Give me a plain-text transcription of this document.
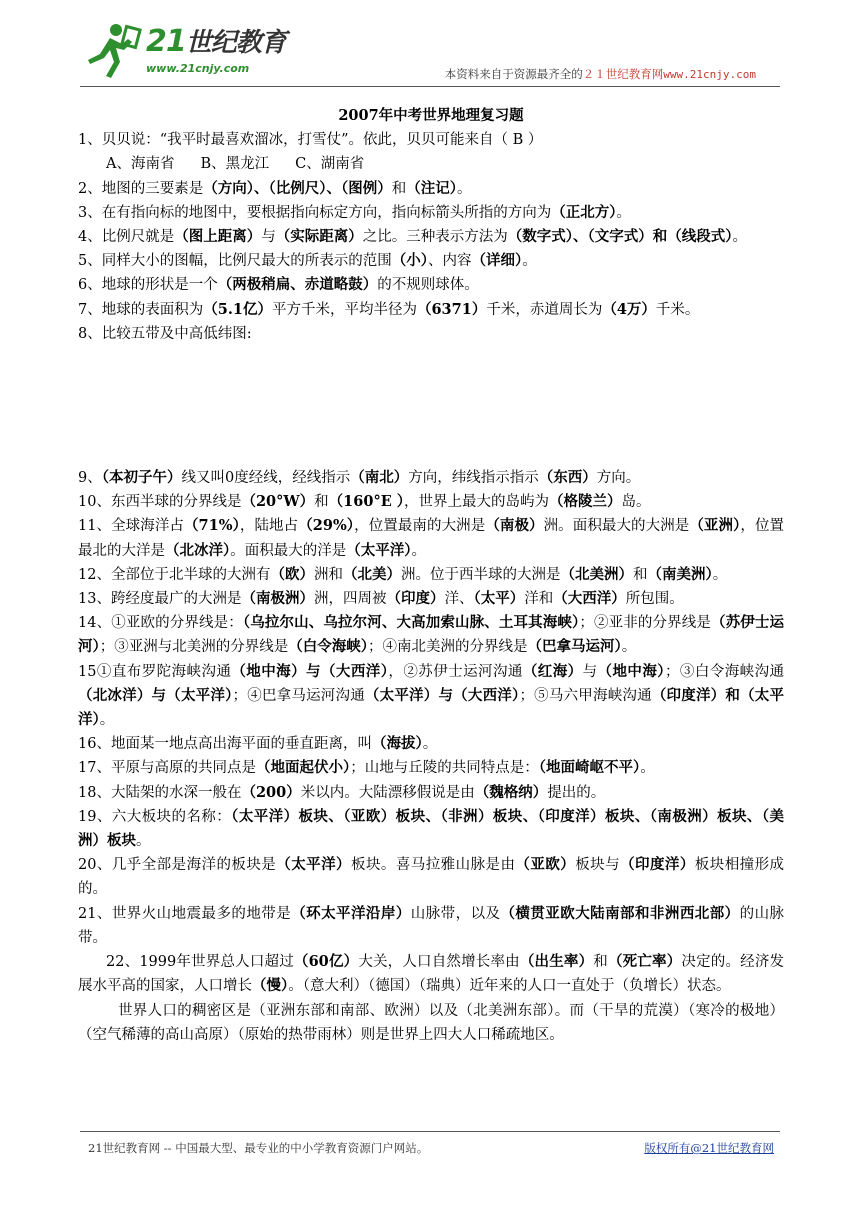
21世纪教育
www.21cnjy.com	本资料来自于资源最齐全的２１世纪教育网www.21cnjy.com
2007年中考世界地理复习题

1、贝贝说：“我平时最喜欢溜冰，打雪仗”。依此，贝贝可能来自（ B ）

A、海南省 B、黑龙江 C、湖南省

2、地图的三要素是（方向）、（比例尺）、（图例）和（注记）。

3、在有指向标的地图中，要根据指向标定方向，指向标箭头所指的方向为（正北方）。

4、比例尺就是（图上距离）与（实际距离）之比。三种表示方法为（数字式）、（文字式）和（线段式）。

5、同样大小的图幅，比例尺最大的所表示的范围（小）、内容（详细）。

6、地球的形状是一个（两极稍扁、赤道略鼓）的不规则球体。

7、地球的表面积为（5.1亿）平方千米，平均半径为（6371）千米，赤道周长为（4万）千米。

8、比较五带及中高低纬图:

9、（本初子午）线又叫0度经线，经线指示（南北）方向，纬线指示指示（东西）方向。

10、东西半球的分界线是（20°W）和（160°E ），世界上最大的岛屿为（格陵兰）岛。

11、全球海洋占（71%），陆地占（29%），位置最南的大洲是（南极）洲。面积最大的大洲是（亚洲），位置最北的大洋是（北冰洋）。面积最大的洋是（太平洋）。

12、全部位于北半球的大洲有（欧）洲和（北美）洲。位于西半球的大洲是（北美洲）和（南美洲）。

13、跨经度最广的大洲是（南极洲）洲，四周被（印度）洋、（太平）洋和（大西洋）所包围。

14、①亚欧的分界线是：（乌拉尔山、乌拉尔河、大高加索山脉、土耳其海峡）；②亚非的分界线是（苏伊士运河）；③亚洲与北美洲的分界线是（白令海峡）；④南北美洲的分界线是（巴拿马运河）。

15①直布罗陀海峡沟通（地中海）与（大西洋），②苏伊士运河沟通（红海）与（地中海）；③白令海峡沟通（北冰洋）与（太平洋）；④巴拿马运河沟通（太平洋）与（大西洋）；⑤马六甲海峡沟通（印度洋）和（太平洋）。

16、地面某一地点高出海平面的垂直距离，叫（海拔）。

17、平原与高原的共同点是（地面起伏小）；山地与丘陵的共同特点是：（地面崎岖不平）。

18、大陆架的水深一般在（200）米以内。大陆漂移假说是由（魏格纳）提出的。

19、六大板块的名称：（太平洋）板块、（亚欧）板块、（非洲）板块、（印度洋）板块、（南极洲）板块、（美洲）板块。

20、几乎全部是海洋的板块是（太平洋）板块。喜马拉雅山脉是由（亚欧）板块与（印度洋）板块相撞形成的。

21、世界火山地震最多的地带是（环太平洋沿岸）山脉带，以及（横贯亚欧大陆南部和非洲西北部）的山脉带。

22、1999年世界总人口超过（60亿）大关，人口自然增长率由（出生率）和（死亡率）决定的。经济发展水平高的国家，人口增长（慢）。（意大利）（德国）（瑞典）近年来的人口一直处于（负增长）状态。

世界人口的稠密区是（亚洲东部和南部、欧洲）以及（北美洲东部）。而（干旱的荒漠）（寒冷的极地）（空气稀薄的高山高原）（原始的热带雨林）则是世界上四大人口稀疏地区。

21世纪教育网 -- 中国最大型、最专业的中小学教育资源门户网站。	版权所有@21世纪教育网
